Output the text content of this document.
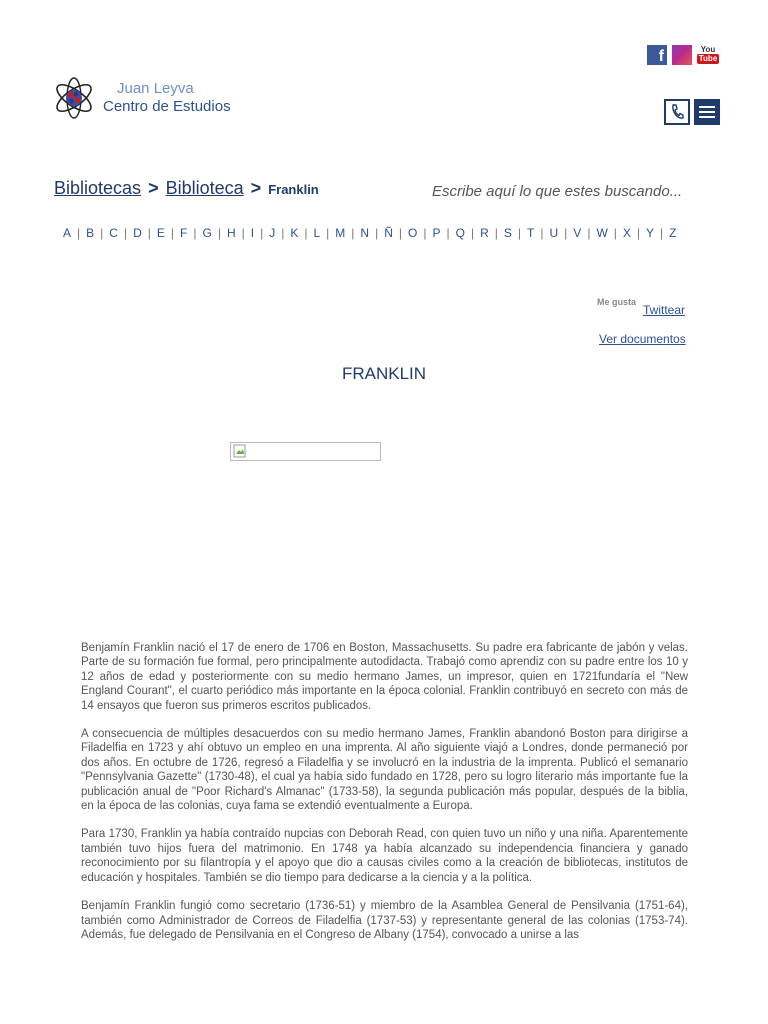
f	You
Tube
Juan Leyva
Centro de Estudios
Bibliotecas > Biblioteca > Franklin
Escribe aquí lo que estes buscando...
A | B | C | D | E | F | G | H | I | J | K | L | M | N | Ñ | O | P | Q | R | S | T | U | V | W | X | Y | Z
Me gusta
Twittear
Ver documentos
FRANKLIN

Benjamín Franklin nació el 17 de enero de 1706 en Boston, Massachusetts. Su padre era fabricante de jabón y velas. Parte de su formación fue formal, pero principalmente autodidacta. Trabajó como aprendiz con su padre entre los 10 y 12 años de edad y posteriormente con su medio hermano James, un impresor, quien en 1721fundaría el "New England Courant", el cuarto periódico más importante en la época colonial. Franklin contribuyó en secreto con más de 14 ensayos que fueron sus primeros escritos publicados.

A consecuencia de múltiples desacuerdos con su medio hermano James, Franklin abandonó Boston para dirigirse a Filadelfia en 1723 y ahí obtuvo un empleo en una imprenta. Al año siguiente viajó a Londres, donde permaneció por dos años. En octubre de 1726, regresó a Filadelfia y se involucró en la industria de la imprenta. Publicó el semanario "Pennsylvania Gazette" (1730-48), el cual ya había sido fundado en 1728, pero su logro literario más importante fue la publicación anual de "Poor Richard's Almanac" (1733-58), la segunda publicación más popular, después de la biblia, en la época de las colonias, cuya fama se extendió eventualmente a Europa.

Para 1730, Franklin ya había contraído nupcias con Deborah Read, con quien tuvo un niño y una niña. Aparentemente también tuvo hijos fuera del matrimonio. En 1748 ya había alcanzado su independencia financiera y ganado reconocimiento por su filantropía y el apoyo que dio a causas civiles como a la creación de bibliotecas, institutos de educación y hospitales. También se dio tiempo para dedicarse a la ciencia y a la política.

Benjamín Franklin fungió como secretario (1736-51) y miembro de la Asamblea General de Pensilvania (1751-64), también como Administrador de Correos de Filadelfia (1737-53) y representante general de las colonias (1753-74). Además, fue delegado de Pensilvania en el Congreso de Albany (1754), convocado a unirse a las
